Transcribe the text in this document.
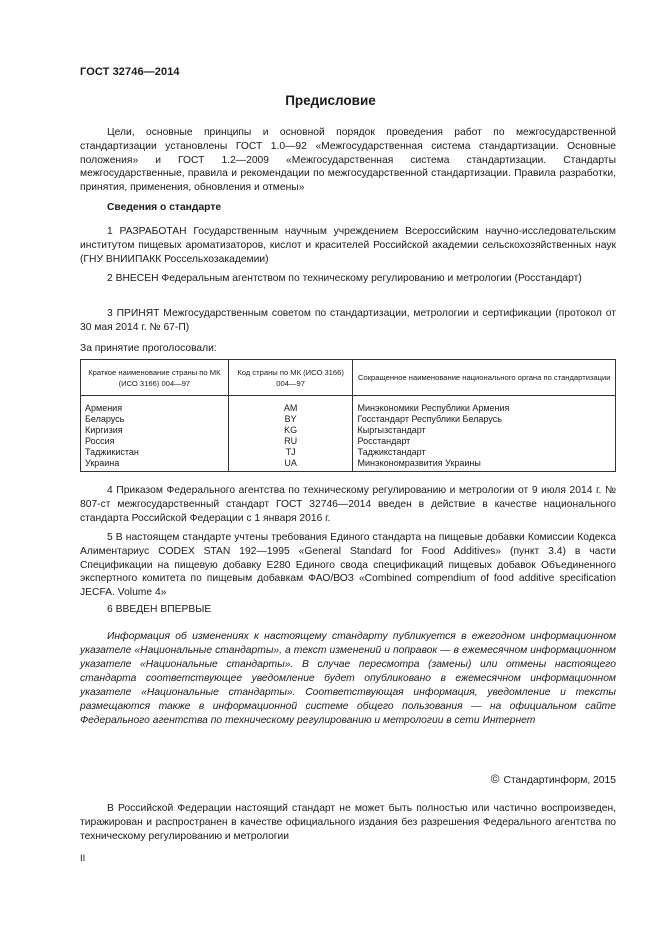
ГОСТ 32746—2014
Предисловие
Цели, основные принципы и основной порядок проведения работ по межгосударственной стандартизации установлены ГОСТ 1.0—92 «Межгосударственная система стандартизации. Основные положения» и ГОСТ 1.2—2009 «Межгосударственная система стандартизации. Стандарты межгосударственные, правила и рекомендации по межгосударственной стандартизации. Правила разработки, принятия, применения, обновления и отмены»
Сведения о стандарте
1 РАЗРАБОТАН Государственным научным учреждением Всероссийским научно-исследовательским институтом пищевых ароматизаторов, кислот и красителей Российской академии сельскохозяйственных наук (ГНУ ВНИИПАКК Россельхозакадемии)
2 ВНЕСЕН Федеральным агентством по техническому регулированию и метрологии (Росстандарт)
3 ПРИНЯТ Межгосударственным советом по стандартизации, метрологии и сертификации (протокол от 30 мая 2014 г. № 67-П)
За принятие проголосовали:
Краткое наименование страны по МК (ИСО 3166) 004—97	Код страны по МК (ИСО 3166) 004—97	Сокращенное наименование национального органа по стандартизации
Армения	AM	Минэкономики Республики Армения
Беларусь	BY	Госстандарт Республики Беларусь
Киргизия	KG	Кыргызстандарт
Россия	RU	Росстандарт
Таджикистан	TJ	Таджикстандарт
Украина	UA	Минэкономразвития Украины
4 Приказом Федерального агентства по техническому регулированию и метрологии от 9 июля 2014 г. № 807-ст межгосударственный стандарт ГОСТ 32746—2014 введен в действие в качестве национального стандарта Российской Федерации с 1 января 2016 г.
5 В настоящем стандарте учтены требования Единого стандарта на пищевые добавки Комиссии Кодекса Алиментариус CODEX STAN 192—1995 «General Standard for Food Additives» (пункт 3.4) в части Спецификации на пищевую добавку Е280 Единого свода спецификаций пищевых добавок Объединенного экспертного комитета по пищевым добавкам ФАО/ВОЗ «Combined compendium of food additive specification JECFA. Volume 4»
6 ВВЕДЕН ВПЕРВЫЕ
Информация об изменениях к настоящему стандарту публикуется в ежегодном информационном указателе «Национальные стандарты», а текст изменений и поправок — в ежемесячном информационном указателе «Национальные стандарты». В случае пересмотра (замены) или отмены настоящего стандарта соответствующее уведомление будет опубликовано в ежемесячном информационном указателе «Национальные стандарты». Соответствующая информация, уведомление и тексты размещаются также в информационной системе общего пользования — на официальном сайте Федерального агентства по техническому регулированию и метрологии в сети Интернет
© Стандартинформ, 2015
В Российской Федерации настоящий стандарт не может быть полностью или частично воспроизведен, тиражирован и распространен в качестве официального издания без разрешения Федерального агентства по техническому регулированию и метрологии
II
